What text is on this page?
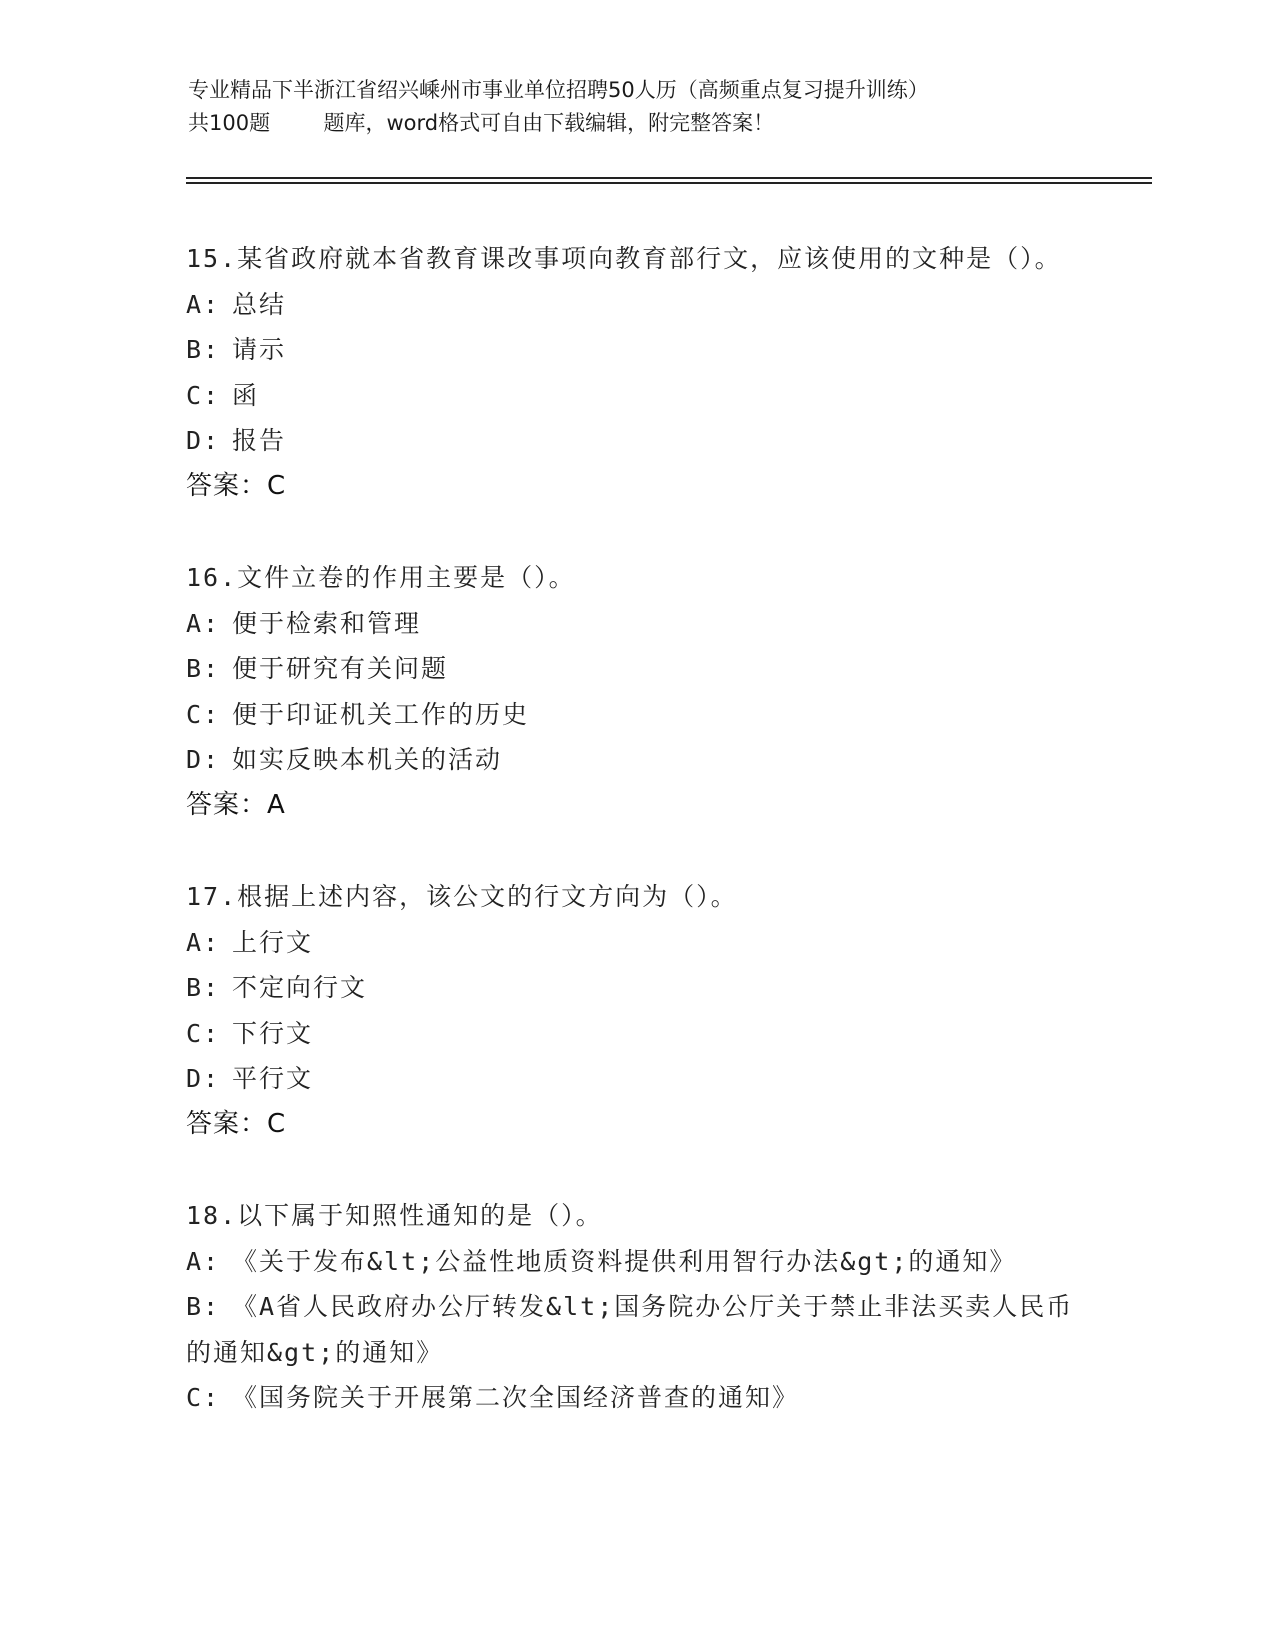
专业精品下半浙江省绍兴嵊州市事业单位招聘50人历（高频重点复习提升训练）
共100题        题库，word格式可自由下载编辑，附完整答案！
15.某省政府就本省教育课改事项向教育部行文，应该使用的文种是（）。
A: 总结
B: 请示
C: 函
D: 报告
答案：C
16.文件立卷的作用主要是（）。
A: 便于检索和管理
B: 便于研究有关问题
C: 便于印证机关工作的历史
D: 如实反映本机关的活动
答案：A
17.根据上述内容，该公文的行文方向为（）。
A: 上行文
B: 不定向行文
C: 下行文
D: 平行文
答案：C
18.以下属于知照性通知的是（）。
A: 《关于发布&lt;公益性地质资料提供利用智行办法&gt;的通知》
B: 《A省人民政府办公厅转发&lt;国务院办公厅关于禁止非法买卖人民币的通知&gt;的通知》
C: 《国务院关于开展第二次全国经济普查的通知》
